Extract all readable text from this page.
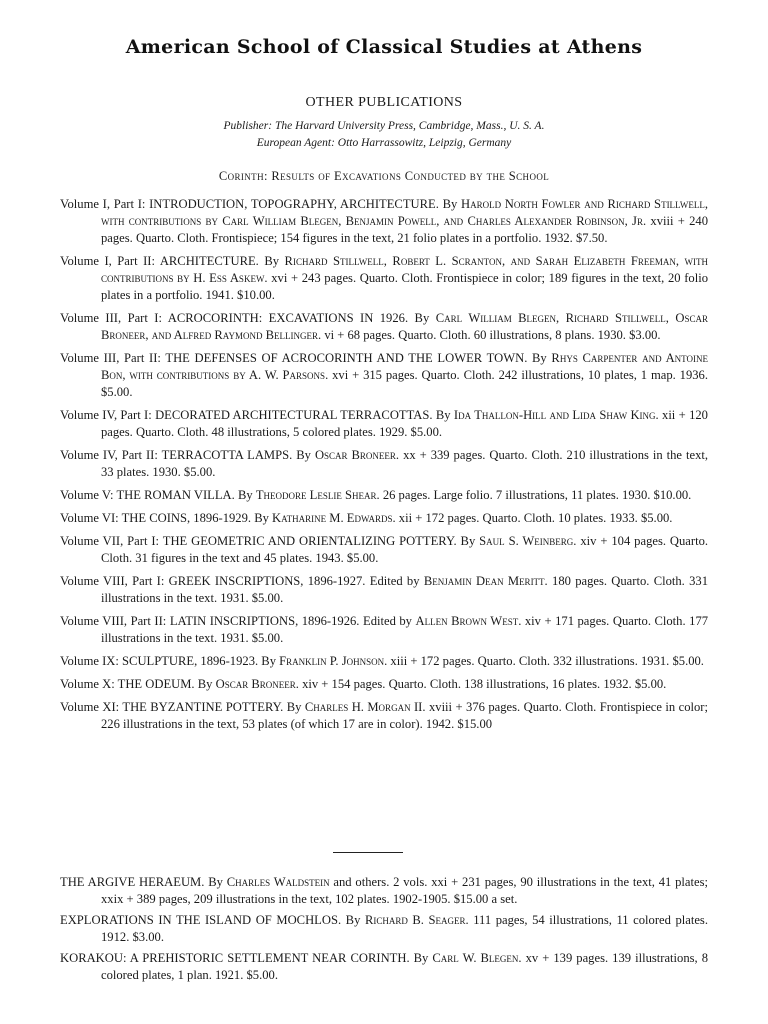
American School of Classical Studies at Athens
OTHER PUBLICATIONS
Publisher: The Harvard University Press, Cambridge, Mass., U. S. A.
European Agent: Otto Harrassowitz, Leipzig, Germany
Corinth: Results of Excavations Conducted by the School
Volume I, Part I: INTRODUCTION, TOPOGRAPHY, ARCHITECTURE. By Harold North Fowler and Richard Stillwell, with contributions by Carl William Blegen, Benjamin Powell, and Charles Alexander Robinson, Jr. xviii + 240 pages. Quarto. Cloth. Frontispiece; 154 figures in the text, 21 folio plates in a portfolio. 1932. $7.50.
Volume I, Part II: ARCHITECTURE. By Richard Stillwell, Robert L. Scranton, and Sarah Elizabeth Freeman, with contributions by H. Ess Askew. xvi + 243 pages. Quarto. Cloth. Frontispiece in color; 189 figures in the text, 20 folio plates in a portfolio. 1941. $10.00.
Volume III, Part I: ACROCORINTH: EXCAVATIONS IN 1926. By Carl William Blegen, Richard Stillwell, Oscar Broneer, and Alfred Raymond Bellinger. vi + 68 pages. Quarto. Cloth. 60 illustrations, 8 plans. 1930. $3.00.
Volume III, Part II: THE DEFENSES OF ACROCORINTH AND THE LOWER TOWN. By Rhys Carpenter and Antoine Bon, with contributions by A. W. Parsons. xvi + 315 pages. Quarto. Cloth. 242 illustrations, 10 plates, 1 map. 1936. $5.00.
Volume IV, Part I: DECORATED ARCHITECTURAL TERRACOTTAS. By Ida Thallon-Hill and Lida Shaw King. xii + 120 pages. Quarto. Cloth. 48 illustrations, 5 colored plates. 1929. $5.00.
Volume IV, Part II: TERRACOTTA LAMPS. By Oscar Broneer. xx + 339 pages. Quarto. Cloth. 210 illustrations in the text, 33 plates. 1930. $5.00.
Volume V: THE ROMAN VILLA. By Theodore Leslie Shear. 26 pages. Large folio. 7 illustrations, 11 plates. 1930. $10.00.
Volume VI: THE COINS, 1896-1929. By Katharine M. Edwards. xii + 172 pages. Quarto. Cloth. 10 plates. 1933. $5.00.
Volume VII, Part I: THE GEOMETRIC AND ORIENTALIZING POTTERY. By Saul S. Weinberg. xiv + 104 pages. Quarto. Cloth. 31 figures in the text and 45 plates. 1943. $5.00.
Volume VIII, Part I: GREEK INSCRIPTIONS, 1896-1927. Edited by Benjamin Dean Meritt. 180 pages. Quarto. Cloth. 331 illustrations in the text. 1931. $5.00.
Volume VIII, Part II: LATIN INSCRIPTIONS, 1896-1926. Edited by Allen Brown West. xiv + 171 pages. Quarto. Cloth. 177 illustrations in the text. 1931. $5.00.
Volume IX: SCULPTURE, 1896-1923. By Franklin P. Johnson. xiii + 172 pages. Quarto. Cloth. 332 illustrations. 1931. $5.00.
Volume X: THE ODEUM. By Oscar Broneer. xiv + 154 pages. Quarto. Cloth. 138 illustrations, 16 plates. 1932. $5.00.
Volume XI: THE BYZANTINE POTTERY. By Charles H. Morgan II. xviii + 376 pages. Quarto. Cloth. Frontispiece in color; 226 illustrations in the text, 53 plates (of which 17 are in color). 1942. $15.00
THE ARGIVE HERAEUM. By Charles Waldstein and others. 2 vols. xxi + 231 pages, 90 illustrations in the text, 41 plates; xxix + 389 pages, 209 illustrations in the text, 102 plates. 1902-1905. $15.00 a set.
EXPLORATIONS IN THE ISLAND OF MOCHLOS. By Richard B. Seager. 111 pages, 54 illustrations, 11 colored plates. 1912. $3.00.
KORAKOU: A PREHISTORIC SETTLEMENT NEAR CORINTH. By Carl W. Blegen. xv + 139 pages. 139 illustrations, 8 colored plates, 1 plan. 1921. $5.00.
